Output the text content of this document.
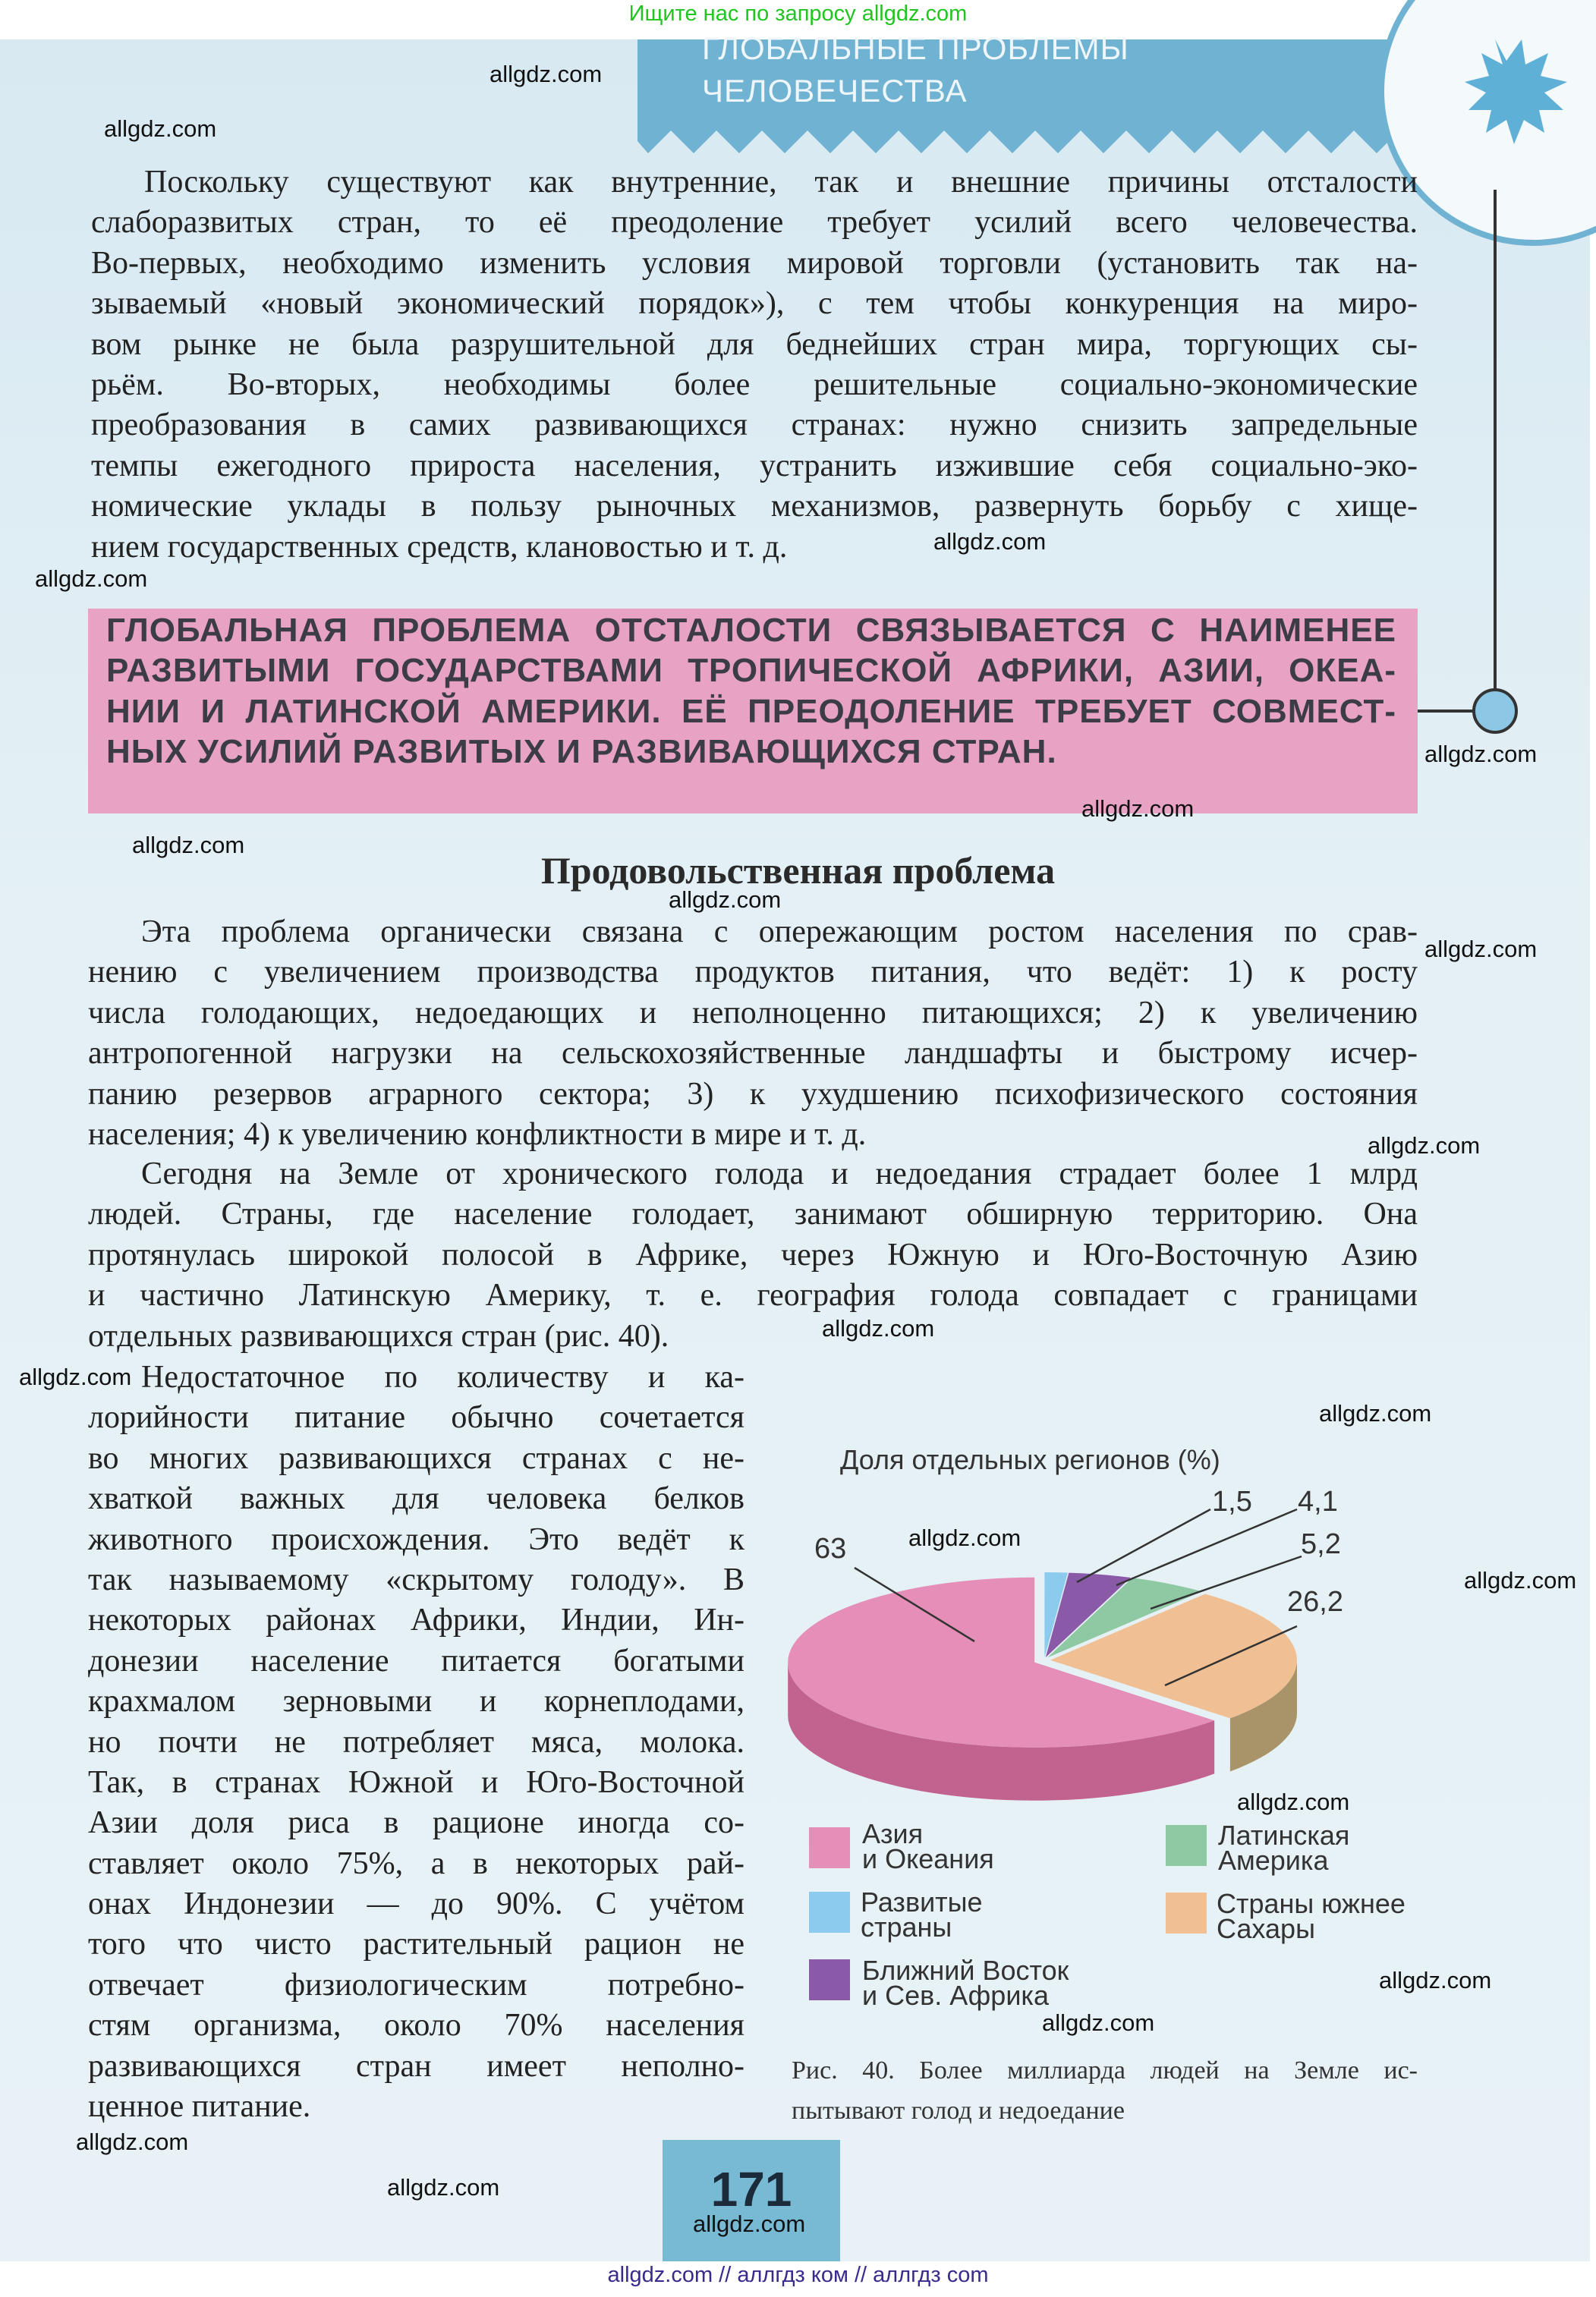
Ищите нас по запросу allgdz.com
ГЛОБАЛЬНЫЕ ПРОБЛЕМЫ
ЧЕЛОВЕЧЕСТВА
Поскольку существуют как внутренние, так и внешние причины отсталости
слаборазвитых стран, то её преодоление требует усилий всего человечества.
Во-первых, необходимо изменить условия мировой торговли (установить так на-
зываемый «новый экономический порядок»), с тем чтобы конкуренция на миро-
вом рынке не была разрушительной для беднейших стран мира, торгующих сы-
рьём. Во-вторых, необходимы более решительные социально-экономические
преобразования в самих развивающихся странах: нужно снизить запредельные
темпы ежегодного прироста населения, устранить изжившие себя социально-эко-
номические уклады в пользу рыночных механизмов, развернуть борьбу с хище-
нием государственных средств, клановостью и т. д.
ГЛОБАЛЬНАЯ ПРОБЛЕМА ОТСТАЛОСТИ СВЯЗЫВАЕТСЯ С НАИМЕНЕЕ
РАЗВИТЫМИ ГОСУДАРСТВАМИ ТРОПИЧЕСКОЙ АФРИКИ, АЗИИ, ОКЕА-
НИИ И ЛАТИНСКОЙ АМЕРИКИ. ЕЁ ПРЕОДОЛЕНИЕ ТРЕБУЕТ СОВМЕСТ-
НЫХ УСИЛИЙ РАЗВИТЫХ И РАЗВИВАЮЩИХСЯ СТРАН.
Продовольственная проблема
Эта проблема органически связана с опережающим ростом населения по срав-
нению с увеличением производства продуктов питания, что ведёт: 1) к росту
числа голодающих, недоедающих и неполноценно питающихся; 2) к увеличению
антропогенной нагрузки на сельскохозяйственные ландшафты и быстрому исчер-
панию резервов аграрного сектора; 3) к ухудшению психофизического состояния
населения; 4) к увеличению конфликтности в мире и т. д.
Сегодня на Земле от хронического голода и недоедания страдает более 1 млрд
людей. Страны, где население голодает, занимают обширную территорию. Она
протянулась широкой полосой в Африке, через Южную и Юго-Восточную Азию
и частично Латинскую Америку, т. е. география голода совпадает с границами
отдельных развивающихся стран (рис. 40).
Недостаточное по количеству и ка-
лорийности питание обычно сочетается
во многих развивающихся странах с не-
хваткой важных для человека белков
животного происхождения. Это ведёт к
так называемому «скрытому голоду». В
некоторых районах Африки, Индии, Ин-
донезии население питается богатыми
крахмалом зерновыми и корнеплодами,
но почти не потребляет мяса, молока.
Так, в странах Южной и Юго-Восточной
Азии доля риса в рационе иногда со-
ставляет около 75%, а в некоторых рай-
онах Индонезии — до 90%. С учётом
того что чисто растительный рацион не
отвечает физиологическим потребно-
стям организма, около 70% населения
развивающихся стран имеет неполно-
ценное питание.
Доля отдельных регионов (%)
63
1,5 4,1
5,2
26,2
Азия
и Океания
Развитые
страны
Ближний Восток
и Сев. Африка
Латинская
Америка
Страны южнее
Сахары
Рис. 40. Более миллиарда людей на Земле ис-
пытывают голод и недоедание
171
allgdz.com
allgdz.com
allgdz.com
allgdz.com
allgdz.com
allgdz.com
allgdz.com
allgdz.com
allgdz.com
allgdz.com
allgdz.com
allgdz.com
allgdz.com
allgdz.com
allgdz.com
allgdz.com
allgdz.com
allgdz.com
allgdz.com
allgdz.com
allgdz.com
allgdz.com // аллгдз ком // аллгдз com
